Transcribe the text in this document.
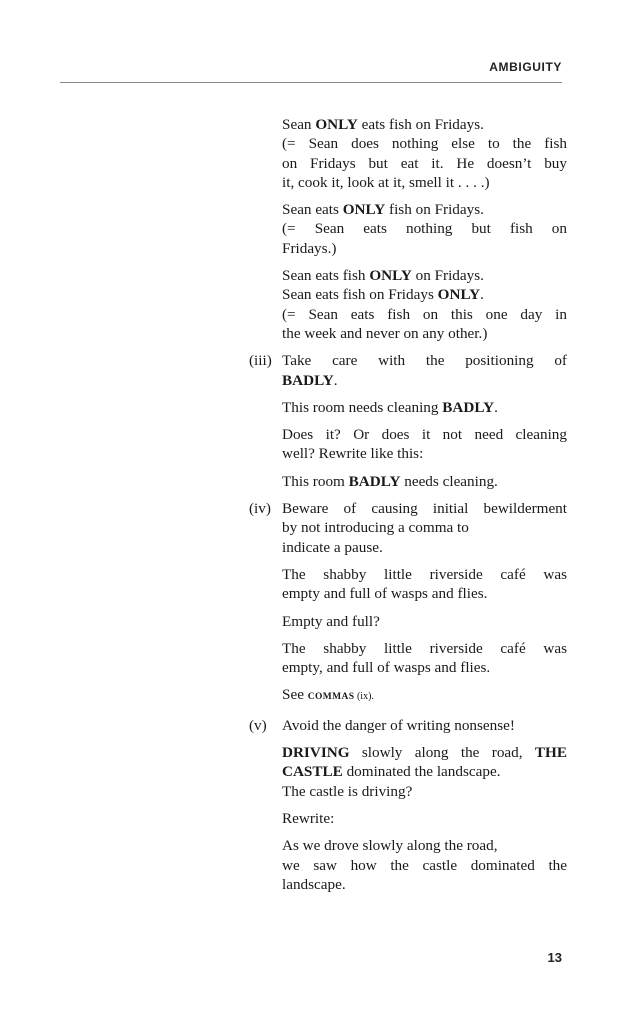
AMBIGUITY
Sean ONLY eats fish on Fridays.
(= Sean does nothing else to the fish
on Fridays but eat it. He doesn’t buy
it, cook it, look at it, smell it . . . .)
Sean eats ONLY fish on Fridays.
(= Sean eats nothing but fish on
Fridays.)
Sean eats fish ONLY on Fridays.
Sean eats fish on Fridays ONLY.
(= Sean eats fish on this one day in
the week and never on any other.)
(iii) Take care with the positioning of
BADLY.
This room needs cleaning BADLY.
Does it? Or does it not need cleaning
well? Rewrite like this:
This room BADLY needs cleaning.
(iv) Beware of causing initial bewilderment
by not introducing a comma to
indicate a pause.
The shabby little riverside café was
empty and full of wasps and flies.
Empty and full?
The shabby little riverside café was
empty, and full of wasps and flies.
See COMMAS (ix).
(v) Avoid the danger of writing nonsense!
DRIVING slowly along the road, THE
CASTLE dominated the landscape.
The castle is driving?
Rewrite:
As we drove slowly along the road,
we saw how the castle dominated the
landscape.
13
